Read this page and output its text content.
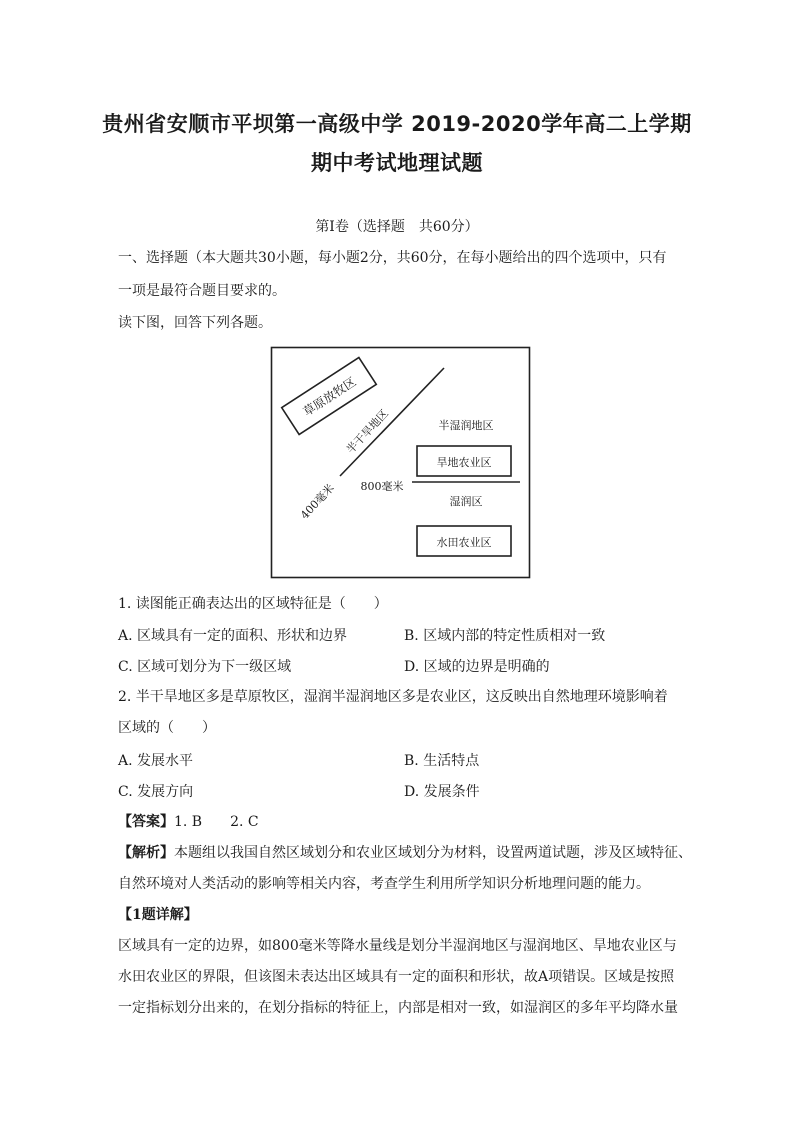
贵州省安顺市平坝第一高级中学 2019-2020学年高二上学期
期中考试地理试题
第Ⅰ卷（选择题　共60分）
一、选择题（本大题共30小题，每小题2分，共60分，在每小题给出的四个选项中，只有
一项是最符合题目要求的。
读下图，回答下列各题。
草原放牧区
半干旱地区
400毫米 800毫米
半湿润地区
旱地农业区
湿润区
水田农业区
1. 读图能正确表达出的区域特征是（　　）
A. 区域具有一定的面积、形状和边界	B. 区域内部的特定性质相对一致
C. 区域可划分为下一级区域	D. 区域的边界是明确的
2. 半干旱地区多是草原牧区，湿润半湿润地区多是农业区，这反映出自然地理环境影响着
区域的（　　）
A. 发展水平	B. 生活特点
C. 发展方向	D. 发展条件
【答案】1. B　　2. C
【解析】本题组以我国自然区域划分和农业区域划分为材料，设置两道试题，涉及区域特征、
自然环境对人类活动的影响等相关内容，考查学生利用所学知识分析地理问题的能力。
【1题详解】
区域具有一定的边界，如800毫米等降水量线是划分半湿润地区与湿润地区、旱地农业区与
水田农业区的界限，但该图未表达出区域具有一定的面积和形状，故A项错误。区域是按照
一定指标划分出来的，在划分指标的特征上，内部是相对一致，如湿润区的多年平均降水量
